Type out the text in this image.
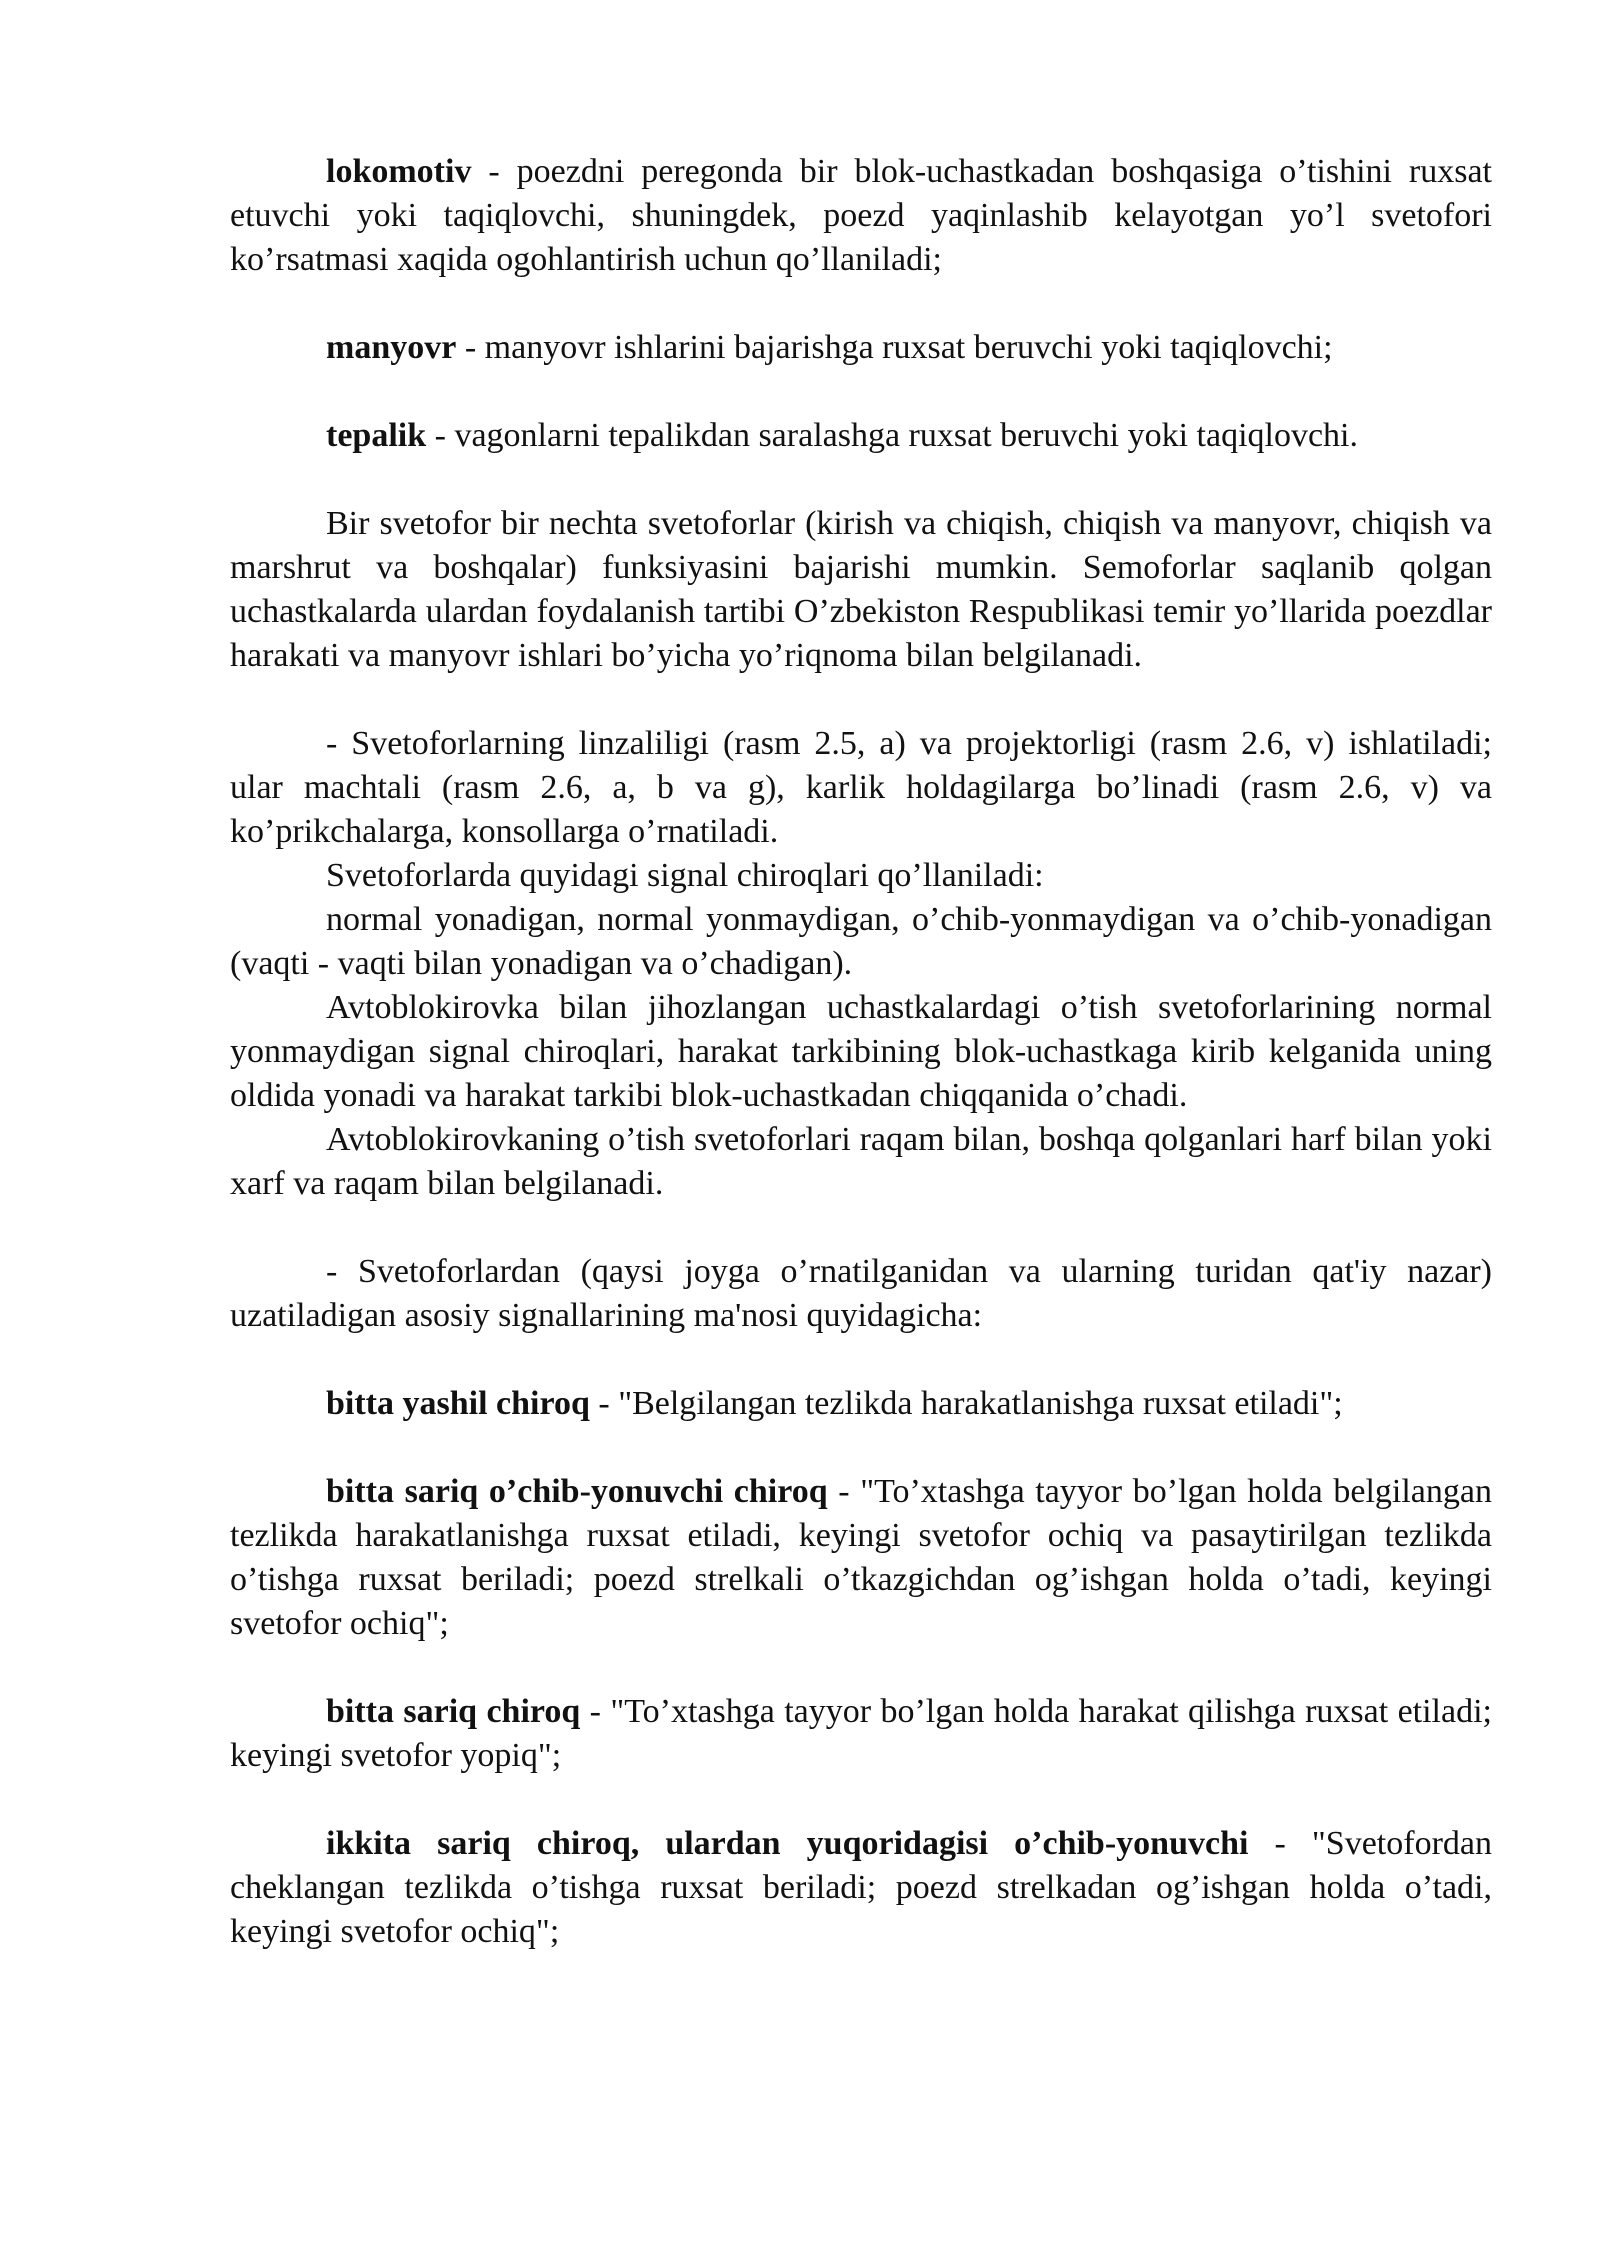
lokomotiv - poezdni peregonda bir blok-uchastkadan boshqasiga o’tishini ruxsat etuvchi yoki taqiqlovchi, shuningdek, poezd yaqinlashib kelayotgan yo’l svetofori ko’rsatmasi xaqida ogohlantirish uchun qo’llaniladi;

manyovr - manyovr ishlarini bajarishga ruxsat beruvchi yoki taqiqlovchi;

tepalik - vagonlarni tepalikdan saralashga ruxsat beruvchi yoki taqiqlovchi.

Bir svetofor bir nechta svetoforlar (kirish va chiqish, chiqish va manyovr, chiqish va marshrut va boshqalar) funksiyasini bajarishi mumkin. Semoforlar saqlanib qolgan uchastkalarda ulardan foydalanish tartibi O’zbekiston Respublikasi temir yo’llarida poezdlar harakati va manyovr ishlari bo’yicha yo’riqnoma bilan belgilanadi.

- Svetoforlarning linzaliligi (rasm 2.5, a) va projektorligi (rasm 2.6, v) ishlatiladi; ular machtali (rasm 2.6, a, b va g), karlik holdagilarga bo’linadi (rasm 2.6, v) va ko’prikchalarga, konsollarga o’rnatiladi.

Svetoforlarda quyidagi signal chiroqlari qo’llaniladi:

normal yonadigan, normal yonmaydigan, o’chib-yonmaydigan va o’chib-yonadigan (vaqti - vaqti bilan yonadigan va o’chadigan).

Avtoblokirovka bilan jihozlangan uchastkalardagi o’tish svetoforlarining normal yonmaydigan signal chiroqlari, harakat tarkibining blok-uchastkaga kirib kelganida uning oldida yonadi va harakat tarkibi blok-uchastkadan chiqqanida o’chadi.

Avtoblokirovkaning o’tish svetoforlari raqam bilan, boshqa qolganlari harf bilan yoki xarf va raqam bilan belgilanadi.

- Svetoforlardan (qaysi joyga o’rnatilganidan va ularning turidan qat'iy nazar) uzatiladigan asosiy signallarining ma'nosi quyidagicha:

bitta yashil chiroq - "Belgilangan tezlikda harakatlanishga ruxsat etiladi";

bitta sariq o’chib-yonuvchi chiroq - "To’xtashga tayyor bo’lgan holda belgilangan tezlikda harakatlanishga ruxsat etiladi, keyingi svetofor ochiq va pasaytirilgan tezlikda o’tishga ruxsat beriladi; poezd strelkali o’tkazgichdan og’ishgan holda o’tadi, keyingi svetofor ochiq";

bitta sariq chiroq - "To’xtashga tayyor bo’lgan holda harakat qilishga ruxsat etiladi; keyingi svetofor yopiq";

ikkita sariq chiroq, ulardan yuqoridagisi o’chib-yonuvchi - "Svetofordan cheklangan tezlikda o’tishga ruxsat beriladi; poezd strelkadan og’ishgan holda o’tadi, keyingi svetofor ochiq";
